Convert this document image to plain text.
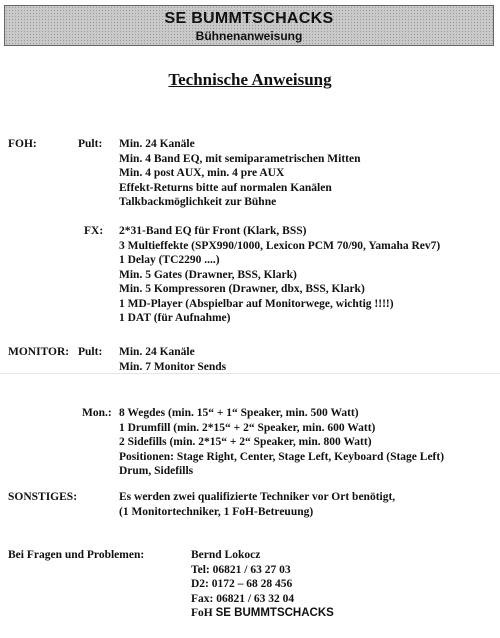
SE BUMMTSCHACKS
Bühnenanweisung
Technische Anweisung
FOH:	Pult: Min. 24 Kanäle
Min. 4 Band EQ, mit semiparametrischen Mitten
Min. 4 post AUX, min. 4 pre AUX
Effekt-Returns bitte auf normalen Kanälen
Talkbackmöglichkeit zur Bühne
FX: 2*31-Band EQ für Front (Klark, BSS)
3 Multieffekte (SPX990/1000, Lexicon PCM 70/90, Yamaha Rev7)
1 Delay (TC2290 ....)
Min. 5 Gates (Drawner, BSS, Klark)
Min. 5 Kompressoren (Drawner, dbx, BSS, Klark)
1 MD-Player (Abspielbar auf Monitorwege, wichtig !!!!)
1 DAT (für Aufnahme)
MONITOR: Pult: Min. 24 Kanäle
Min. 7 Monitor Sends
Mon.: 8 Wegdes (min. 15“ + 1“ Speaker, min. 500 Watt)
1 Drumfill (min. 2*15“ + 2“ Speaker, min. 600 Watt)
2 Sidefills (min. 2*15“ + 2“ Speaker, min. 800 Watt)
Positionen: Stage Right, Center, Stage Left, Keyboard (Stage Left)
Drum, Sidefills
SONSTIGES:	Es werden zwei qualifizierte Techniker vor Ort benötigt,
(1 Monitortechniker, 1 FoH-Betreuung)
Bei Fragen und Problemen:	Bernd Lokocz
Tel: 06821 / 63 27 03
D2: 0172 – 68 28 456
Fax: 06821 / 63 32 04
FoH SE BUMMTSCHACKS
